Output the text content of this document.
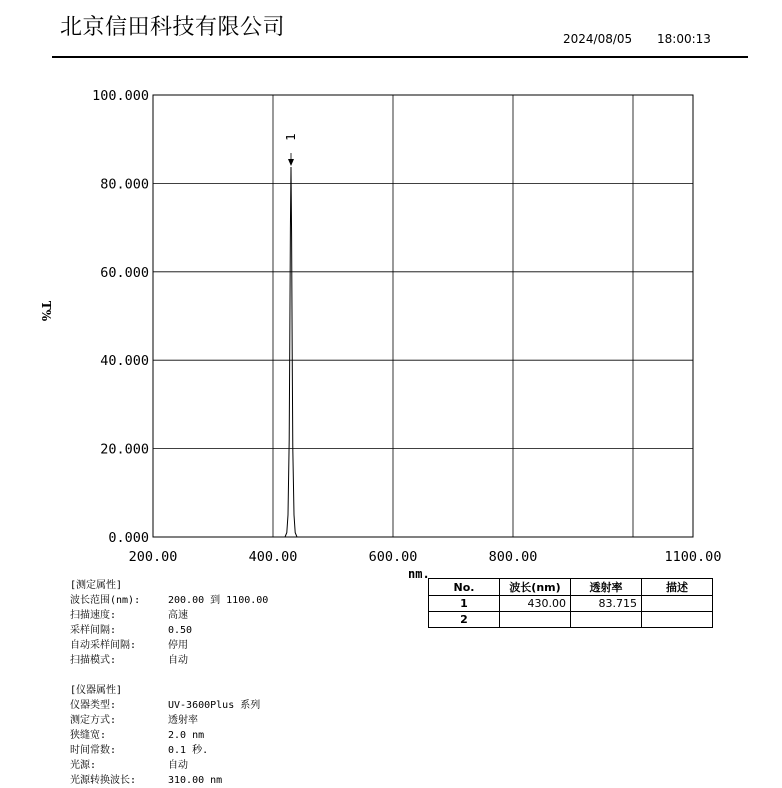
北京信田科技有限公司	2024/08/05 18:00:13
100.000
80.000
60.000
40.000
20.000
0.000
200.00	400.00	600.00	800.00	1100.00
T%
nm.
1
[测定属性]
波长范围(nm):	200.00 到 1100.00
扫描速度:	高速
采样间隔:	0.50
自动采样间隔:	停用
扫描模式:	自动
[仪器属性]
仪器类型:	UV-3600Plus 系列
测定方式:	透射率
狭缝宽:	2.0 nm
时间常数:	0.1 秒.
光源:	自动
光源转换波长:	310.00 nm
No.	波长(nm)	透射率	描述
1	430.00	83.715	
2			
